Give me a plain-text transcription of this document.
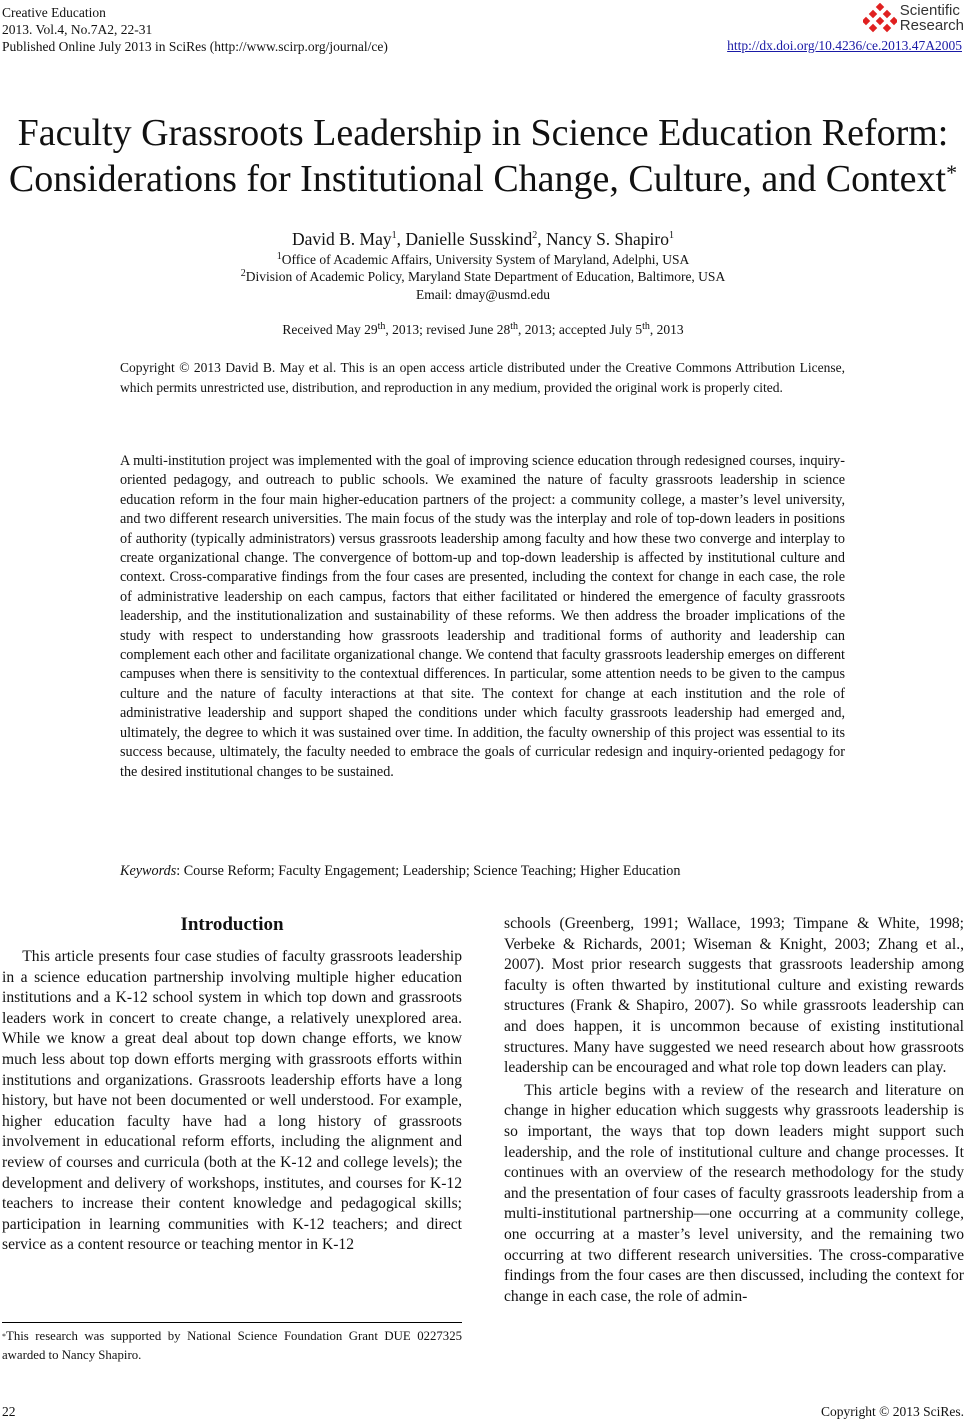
Creative Education
2013. Vol.4, No.7A2, 22-31
Published Online July 2013 in SciRes (http://www.scirp.org/journal/ce)
Scientific
Research
http://dx.doi.org/10.4236/ce.2013.47A2005
Faculty Grassroots Leadership in Science Education Reform:
Considerations for Institutional Change, Culture, and Context*
David B. May$^1$, Danielle Susskind$^2$, Nancy S. Shapiro$^1$
$^1$Office of Academic Affairs, University System of Maryland, Adelphi, USA
$^2$Division of Academic Policy, Maryland State Department of Education, Baltimore, USA
Email: dmay@usmd.edu
Received May 29th, 2013; revised June 28th, 2013; accepted July 5th, 2013
Copyright © 2013 David B. May et al. This is an open access article distributed under the Creative Commons Attribution License, which permits unrestricted use, distribution, and reproduction in any medium, provided the original work is properly cited.

A multi-institution project was implemented with the goal of improving science education through redesigned courses, inquiry-oriented pedagogy, and outreach to public schools. We examined the nature of faculty grassroots leadership in science education reform in the four main higher-education partners of the project: a community college, a master’s level university, and two different research universities. The main focus of the study was the interplay and role of top-down leaders in positions of authority (typically administrators) versus grassroots leadership among faculty and how these two converge and interplay to create organizational change. The convergence of bottom-up and top-down leadership is affected by institutional culture and context. Cross-comparative findings from the four cases are presented, including the context for change in each case, the role of administrative leadership on each campus, factors that either facilitated or hindered the emergence of faculty grassroots leadership, and the institutionalization and sustainability of these reforms. We then address the broader implications of the study with respect to understanding how grassroots leadership and traditional forms of authority and leadership can complement each other and facilitate organizational change. We contend that faculty grassroots leadership emerges on different campuses when there is sensitivity to the contextual differences. In particular, some attention needs to be given to the campus culture and the nature of faculty interactions at that site. The context for change at each institution and the role of administrative leadership and support shaped the conditions under which faculty grassroots leadership had emerged and, ultimately, the degree to which it was sustained over time. In addition, the faculty ownership of this project was essential to its success because, ultimately, the faculty needed to embrace the goals of curricular redesign and inquiry-oriented pedagogy for the desired institutional changes to be sustained.

Keywords: Course Reform; Faculty Engagement; Leadership; Science Teaching; Higher Education
Introduction

This article presents four case studies of faculty grassroots leadership in a science education partnership involving multiple higher education institutions and a K-12 school system in which top down and grassroots leaders work in concert to create change, a relatively unexplored area. While we know a great deal about top down change efforts, we know much less about top down efforts merging with grassroots efforts within institutions and organizations. Grassroots leadership efforts have a long history, but have not been documented or well understood. For example, higher education faculty have had a long history of grassroots involvement in educational reform efforts, including the alignment and review of courses and curricula (both at the K-12 and college levels); the development and delivery of workshops, institutes, and courses for K-12 teachers to increase their content knowledge and pedagogical skills; participation in learning communities with K-12 teachers; and direct service as a content resource or teaching mentor in K-12

schools (Greenberg, 1991; Wallace, 1993; Timpane & White, 1998; Verbeke & Richards, 2001; Wiseman & Knight, 2003; Zhang et al., 2007). Most prior research suggests that grassroots leadership among faculty is often thwarted by institutional culture and existing rewards structures (Frank & Shapiro, 2007). So while grassroots leadership can and does happen, it is uncommon because of existing institutional structures. Many have suggested we need research about how grassroots leadership can be encouraged and what role top down leaders can play.

This article begins with a review of the research and literature on change in higher education which suggests why grassroots leadership is so important, the ways that top down leaders might support such leadership, and the role of institutional culture and change processes. It continues with an overview of the research methodology for the study and the presentation of four cases of faculty grassroots leadership from a multi-institutional partnership—one occurring at a community college, one occurring at a master’s level university, and the remaining two occurring at two different research universities. The cross-comparative findings from the four cases are then discussed, including the context for change in each case, the role of admin-

*This research was supported by National Science Foundation Grant DUE 0227325 awarded to Nancy Shapiro.
22	Copyright © 2013 SciRes.
